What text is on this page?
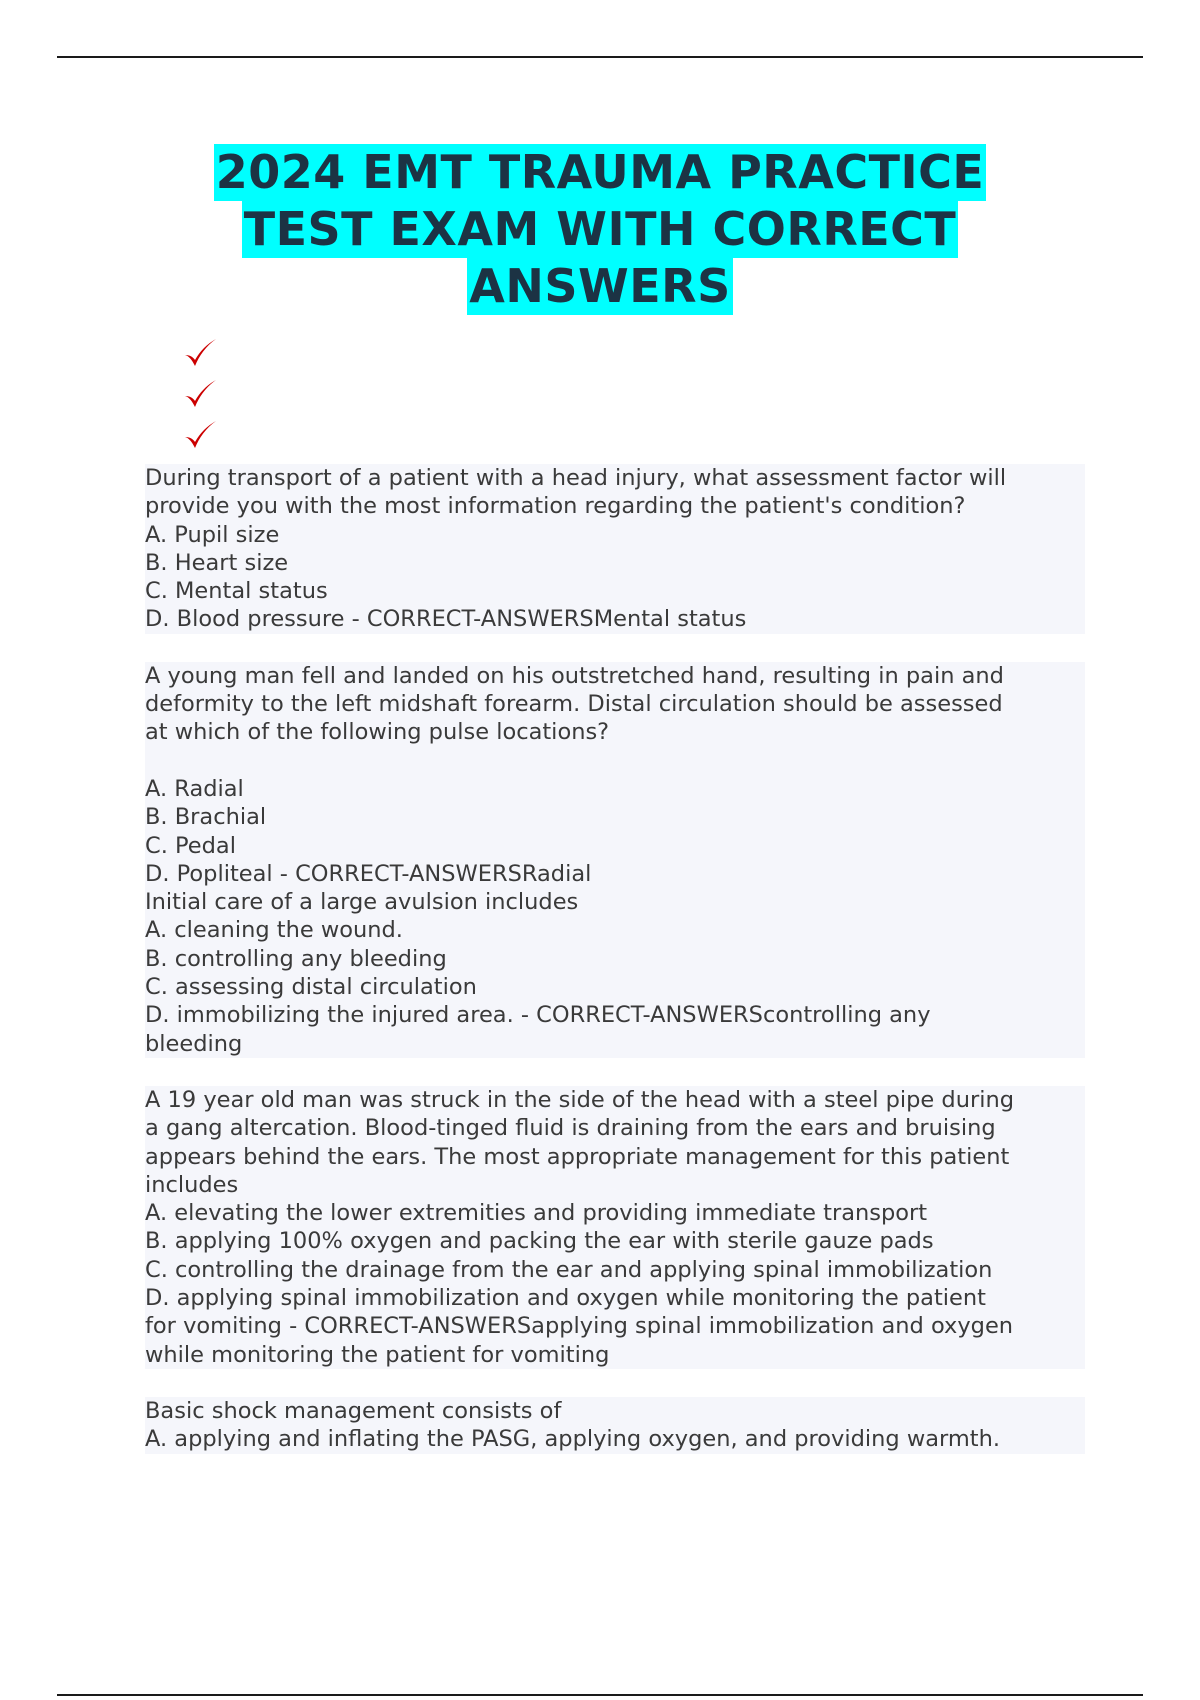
2024 EMT TRAUMA PRACTICE
TEST EXAM WITH CORRECT
ANSWERS
During transport of a patient with a head injury, what assessment factor will
provide you with the most information regarding the patient's condition?
A. Pupil size
B. Heart size
C. Mental status
D. Blood pressure - CORRECT-ANSWERSMental status
A young man fell and landed on his outstretched hand, resulting in pain and
deformity to the left midshaft forearm. Distal circulation should be assessed
at which of the following pulse locations?

A. Radial
B. Brachial
C. Pedal
D. Popliteal - CORRECT-ANSWERSRadial
Initial care of a large avulsion includes
A. cleaning the wound.
B. controlling any bleeding
C. assessing distal circulation
D. immobilizing the injured area. - CORRECT-ANSWERScontrolling any
bleeding
A 19 year old man was struck in the side of the head with a steel pipe during
a gang altercation. Blood-tinged fluid is draining from the ears and bruising
appears behind the ears. The most appropriate management for this patient
includes
A. elevating the lower extremities and providing immediate transport
B. applying 100% oxygen and packing the ear with sterile gauze pads
C. controlling the drainage from the ear and applying spinal immobilization
D. applying spinal immobilization and oxygen while monitoring the patient
for vomiting - CORRECT-ANSWERSapplying spinal immobilization and oxygen
while monitoring the patient for vomiting
Basic shock management consists of
A. applying and inflating the PASG, applying oxygen, and providing warmth.
